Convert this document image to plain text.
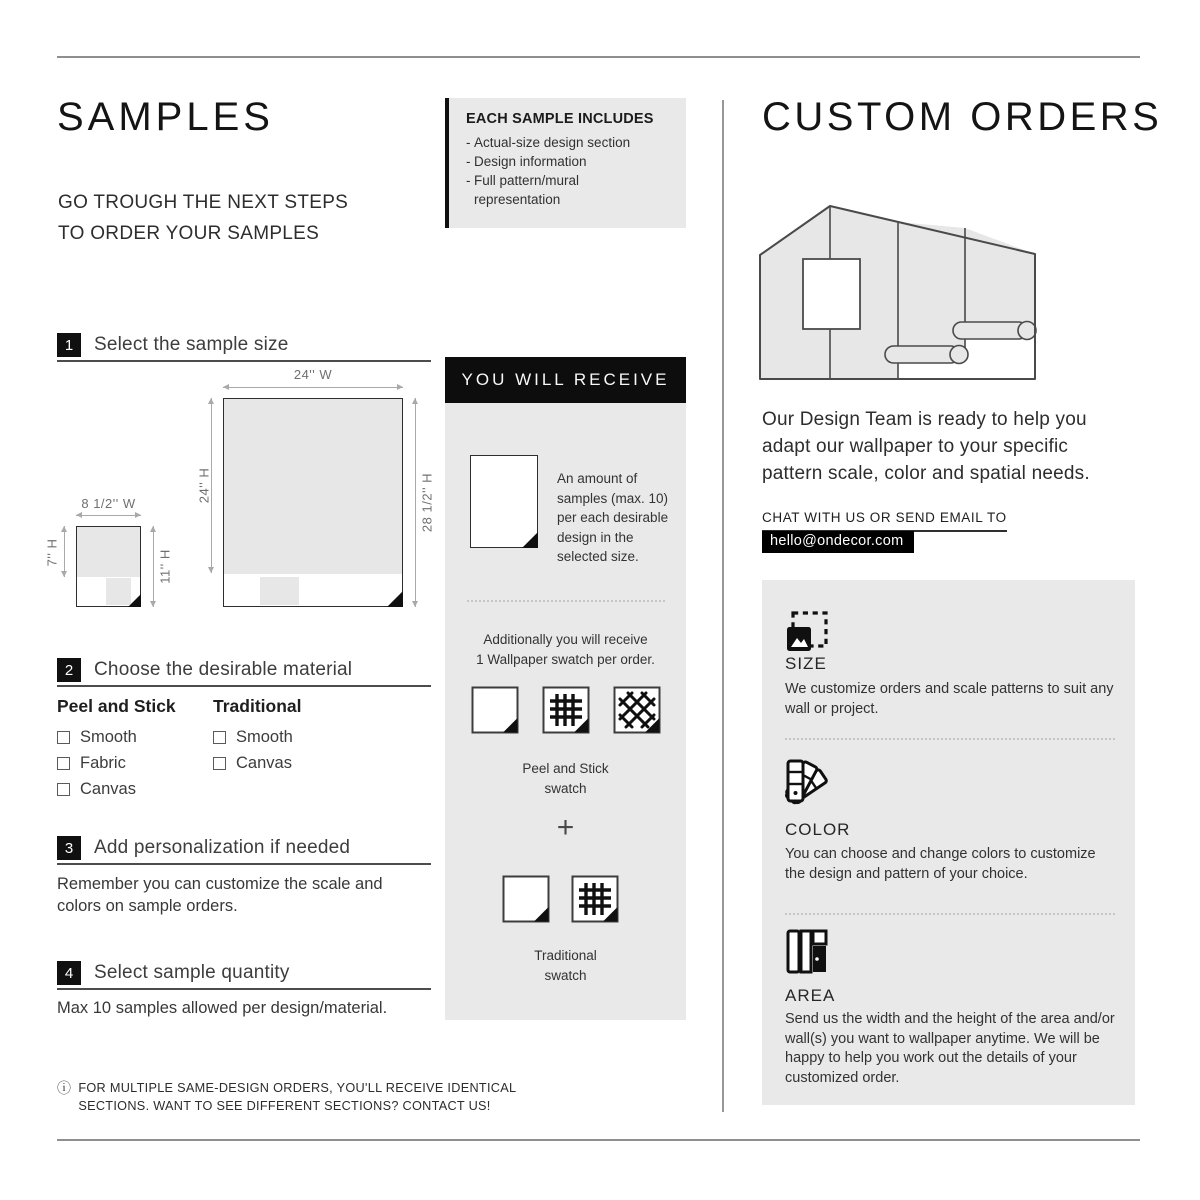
SAMPLES
GO TROUGH THE NEXT STEPS
TO ORDER YOUR SAMPLES
1	Select the sample size
8 1/2'' W
7'' H	11'' H
24'' W
24'' H	28 1/2'' H
2	Choose the desirable material
Peel and Stick
Smooth
Fabric
Canvas
Traditional
Smooth
Canvas
3	Add personalization if needed
Remember you can customize the scale and colors on sample orders.
4	Select sample quantity
Max 10 samples allowed per design/material.
ⓘ FOR MULTIPLE SAME-DESIGN ORDERS, YOU'LL RECEIVE IDENTICAL
SECTIONS. WANT TO SEE DIFFERENT SECTIONS? CONTACT US!
EACH SAMPLE INCLUDES
- Actual-size design section
- Design information
- Full pattern/mural representation
YOU WILL RECEIVE
An amount of samples (max. 10) per each desirable design in the selected size.
Additionally you will receive
1 Wallpaper swatch per order.
Peel and Stick
swatch
+
Traditional
swatch
CUSTOM ORDERS
Our Design Team is ready to help you
adapt our wallpaper to your specific
pattern scale, color and spatial needs.
CHAT WITH US OR SEND EMAIL TO
hello@ondecor.com
SIZE
We customize orders and scale patterns to suit any wall or project.
COLOR
You can choose and change colors to customize the design and pattern of your choice.
AREA
Send us the width and the height of the area and/or wall(s) you want to wallpaper anytime. We will be happy to help you work out the details of your customized order.
